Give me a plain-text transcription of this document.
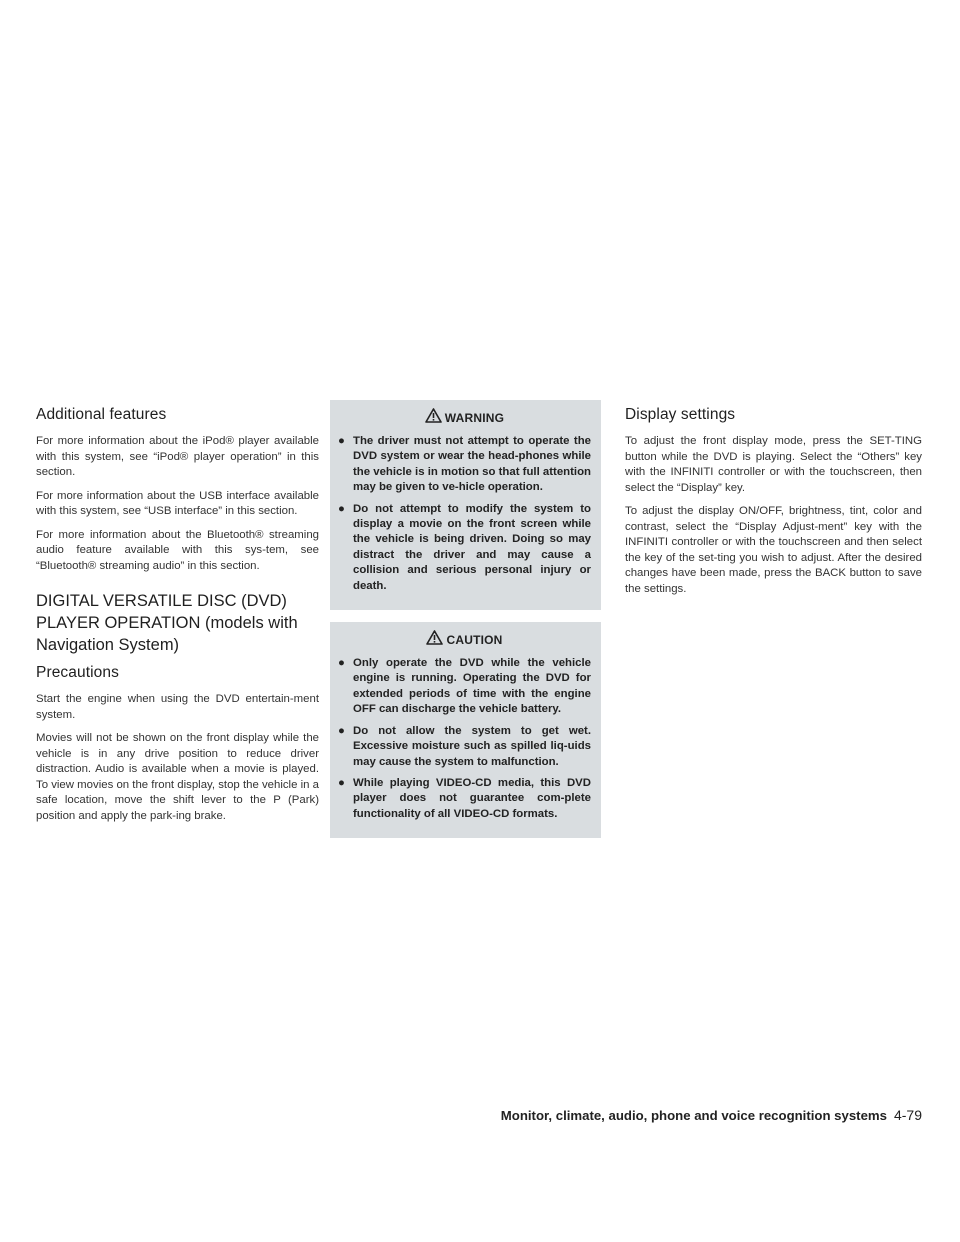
Additional features

For more information about the iPod® player available with this system, see “iPod® player operation” in this section.

For more information about the USB interface available with this system, see “USB interface” in this section.

For more information about the Bluetooth® streaming audio feature available with this sys-tem, see “Bluetooth® streaming audio” in this section.

DIGITAL VERSATILE DISC (DVD) PLAYER OPERATION (models with Navigation System)
Precautions

Start the engine when using the DVD entertain-ment system.

Movies will not be shown on the front display while the vehicle is in any drive position to reduce driver distraction. Audio is available when a movie is played. To view movies on the front display, stop the vehicle in a safe location, move the shift lever to the P (Park) position and apply the park-ing brake.

WARNING
● The driver must not attempt to operate the DVD system or wear the head-phones while the vehicle is in motion so that full attention may be given to ve-hicle operation.
● Do not attempt to modify the system to display a movie on the front screen while the vehicle is being driven. Doing so may distract the driver and may cause a collision and serious personal injury or death.
CAUTION
● Only operate the DVD while the vehicle engine is running. Operating the DVD for extended periods of time with the engine OFF can discharge the vehicle battery.
● Do not allow the system to get wet. Excessive moisture such as spilled liq-uids may cause the system to malfunction.
● While playing VIDEO-CD media, this DVD player does not guarantee com-plete functionality of all VIDEO-CD formats.
Display settings

To adjust the front display mode, press the SET-TING button while the DVD is playing. Select the “Others” key with the INFINITI controller or with the touchscreen, then select the “Display” key.

To adjust the display ON/OFF, brightness, tint, color and contrast, select the “Display Adjust-ment” key with the INFINITI controller or with the touchscreen and then select the key of the set-ting you wish to adjust. After the desired changes have been made, press the BACK button to save the settings.

Monitor, climate, audio, phone and voice recognition systems 4-79
